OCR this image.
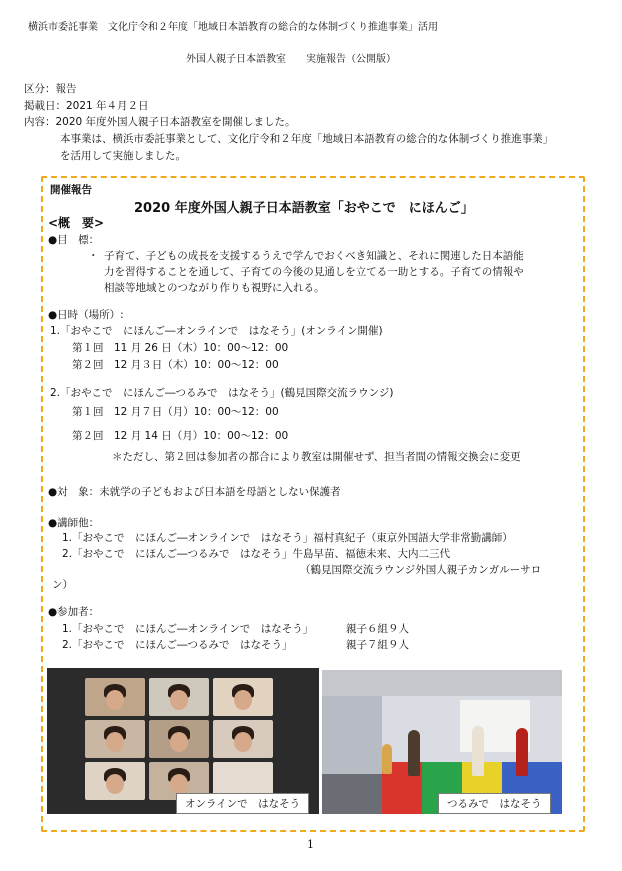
横浜市委託事業　文化庁令和２年度「地域日本語教育の総合的な体制づくり推進事業」活用
外国人親子日本語教室　　実施報告（公開版）
区分：報告
掲載日：2021 年４月２日
内容：2020 年度外国人親子日本語教室を開催しました。
本事業は、横浜市委託事業として、文化庁令和２年度「地域日本語教育の総合的な体制づくり推進事業」
を活用して実施しました。
開催報告
2020 年度外国人親子日本語教室「おやこで　にほんご」
<概　要>
●目　標：
・ 子育て、子どもの成長を支援するうえで学んでおくべき知識と、それに関連した日本語能
力を習得することを通して、子育ての今後の見通しを立てる一助とする。子育ての情報や
相談等地域とのつながり作りも視野に入れる。
●日時（場所）:
1.「おやこで　にほんご―オンラインで　はなそう」(オンライン開催)
第１回　11 月 26 日（木）10：00～12：00
第２回　12 月３日（木）10：00～12：00
2.「おやこで　にほんご―つるみで　はなそう」(鶴見国際交流ラウンジ)
第１回　12 月７日（月）10：00～12：00
第２回　12 月 14 日（月）10：00～12：00
＊ただし、第２回は参加者の都合により教室は開催せず、担当者間の情報交換会に変更
●対　象：未就学の子どもおよび日本語を母語としない保護者
●講師他：
1.「おやこで　にほんご―オンラインで　はなそう」福村真紀子（東京外国語大学非常勤講師）
2.「おやこで　にほんご―つるみで　はなそう」牛島早苗、福徳未来、大内二三代
（鶴見国際交流ラウンジ外国人親子カンガルーサロ
ン）
●参加者：
1.「おやこで　にほんご―オンラインで　はなそう」	親子６組９人
2.「おやこで　にほんご―つるみで　はなそう」	親子７組９人
オンラインで　はなそう	つるみで　はなそう
1
